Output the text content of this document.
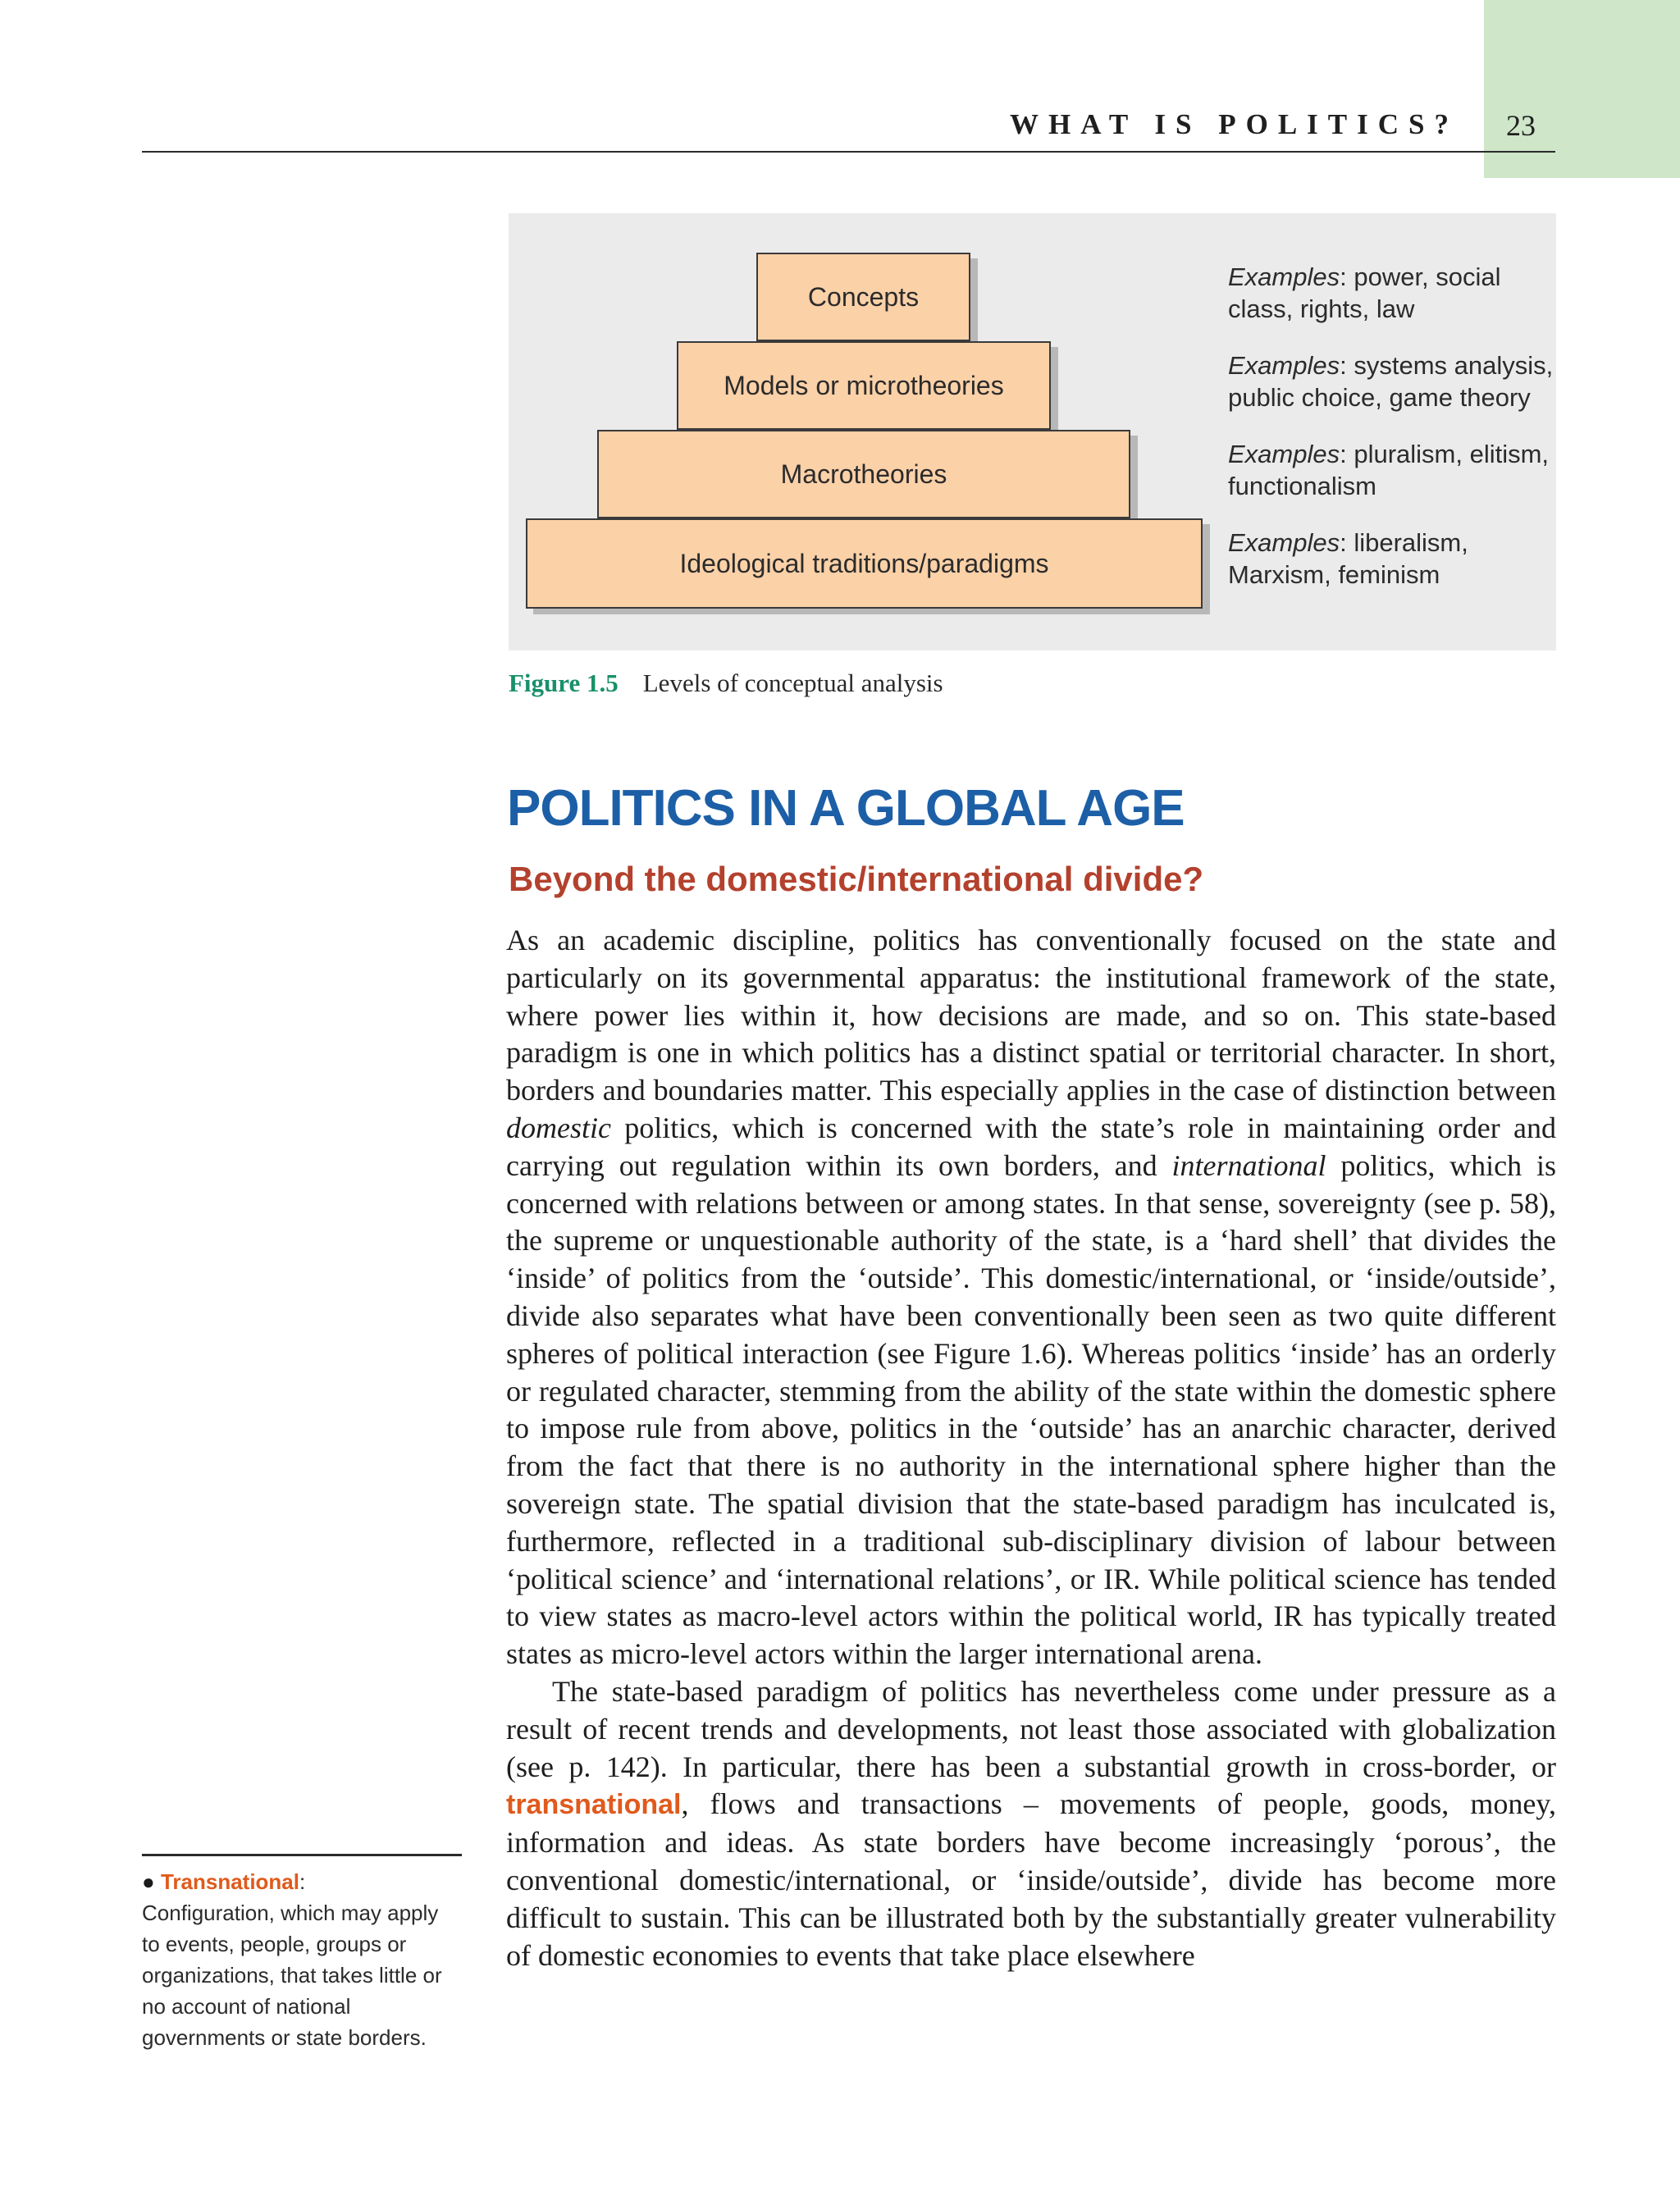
WHAT IS POLITICS? 23
Concepts
Models or microtheories
Macrotheories
Ideological traditions/paradigms
Examples: power, social class, rights, law
Examples: systems analysis, public choice, game theory
Examples: pluralism, elitism, functionalism
Examples: liberalism, Marxism, feminism
Figure 1.5 Levels of conceptual analysis
POLITICS IN A GLOBAL AGE
Beyond the domestic/international divide?

As an academic discipline, politics has conventionally focused on the state and particularly on its governmental apparatus: the institutional framework of the state, where power lies within it, how decisions are made, and so on. This state-based paradigm is one in which politics has a distinct spatial or territorial character. In short, borders and boundaries matter. This especially applies in the case of distinction between domestic politics, which is concerned with the state’s role in maintaining order and carrying out regulation within its own borders, and international politics, which is concerned with relations between or among states. In that sense, sovereignty (see p. 58), the supreme or unquestionable authority of the state, is a ‘hard shell’ that divides the ‘inside’ of politics from the ‘outside’. This domestic/international, or ‘inside/outside’, divide also separates what have been conventionally been seen as two quite different spheres of political interaction (see Figure 1.6). Whereas politics ‘inside’ has an orderly or regulated character, stemming from the ability of the state within the domestic sphere to impose rule from above, politics in the ‘outside’ has an anarchic character, derived from the fact that there is no authority in the international sphere higher than the sovereign state. The spatial division that the state-based paradigm has inculcated is, furthermore, reflected in a traditional sub-disciplinary division of labour between ‘political science’ and ‘international relations’, or IR. While political science has tended to view states as macro-level actors within the political world, IR has typically treated states as micro-level actors within the larger international arena.

The state-based paradigm of politics has nevertheless come under pressure as a result of recent trends and developments, not least those associated with globalization (see p. 142). In particular, there has been a substantial growth in cross-border, or transnational, flows and transactions – movements of people, goods, money, information and ideas. As state borders have become increasingly ‘porous’, the conventional domestic/international, or ‘inside/outside’, divide has become more difficult to sustain. This can be illustrated both by the substantially greater vulnerability of domestic economies to events that take place elsewhere

● Transnational:
Configuration, which may apply to events, people, groups or organizations, that takes little or no account of national governments or state borders.
